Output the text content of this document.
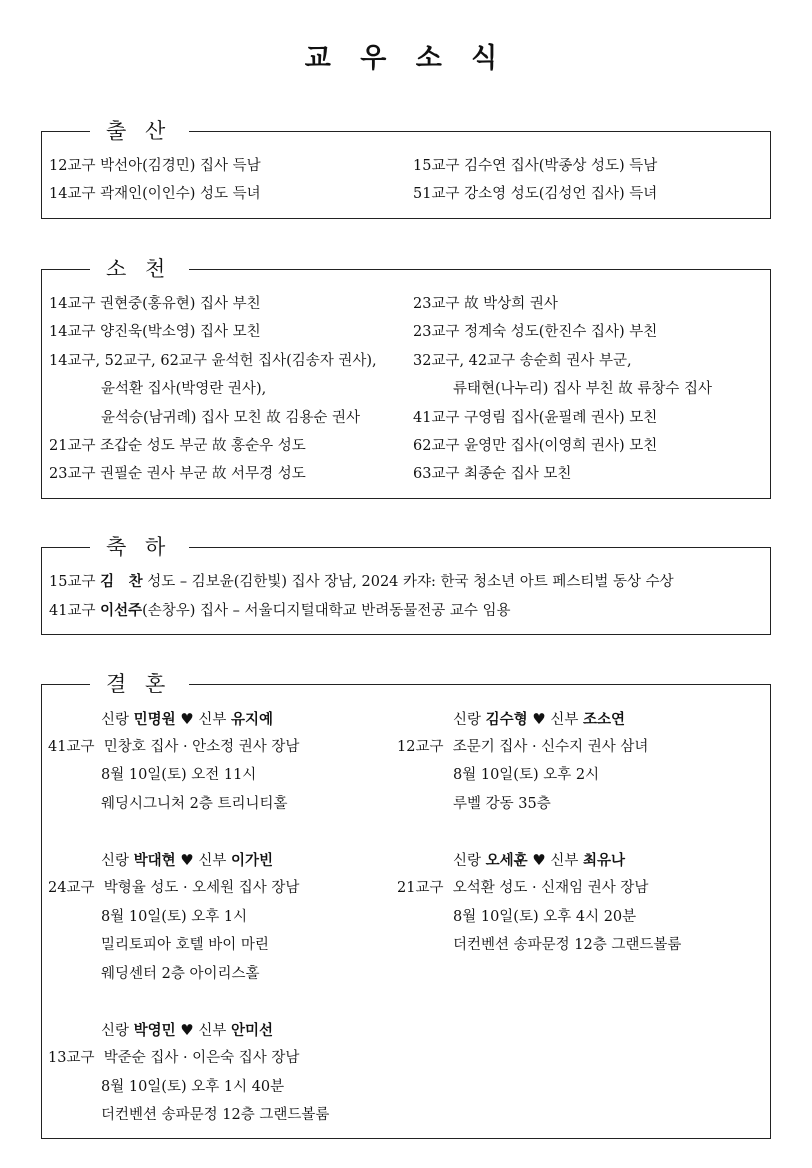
교 우 소 식
출 산
12교구 박선아(김경민) 집사 득남	15교구 김수연 집사(박종상 성도) 득남
14교구 곽재인(이인수) 성도 득녀	51교구 강소영 성도(김성언 집사) 득녀
소 천
14교구 권현중(홍유현) 집사 부친
14교구 양진욱(박소영) 집사 모친
14교구, 52교구, 62교구 윤석헌 집사(김송자 권사),
윤석환 집사(박영란 권사),
윤석승(남귀례) 집사 모친 故 김용순 권사
21교구 조갑순 성도 부군 故 홍순우 성도
23교구 권필순 권사 부군 故 서무경 성도
23교구 故 박상희 권사
23교구 정계숙 성도(한진수 집사) 부친
32교구, 42교구 송순희 권사 부군,
류태현(나누리) 집사 부친 故 류창수 집사
41교구 구영림 집사(윤필례 권사) 모친
62교구 윤영만 집사(이영희 권사) 모친
63교구 최종순 집사 모친
축 하
15교구 김　찬 성도 – 김보윤(김한빛) 집사 장남, 2024 카쟈: 한국 청소년 아트 페스티벌 동상 수상
41교구 이선주(손창우) 집사 – 서울디지털대학교 반려동물전공 교수 임용
결 혼
신랑 민명원 ♥ 신부 유지예
41교구 민창호 집사 · 안소정 권사 장남
8월 10일(토) 오전 11시
웨딩시그니처 2층 트리니티홀
신랑 김수형 ♥ 신부 조소연
12교구 조문기 집사 · 신수지 권사 삼녀
8월 10일(토) 오후 2시
루벨 강동 35층
신랑 박대현 ♥ 신부 이가빈
24교구 박형율 성도 · 오세원 집사 장남
8월 10일(토) 오후 1시
밀리토피아 호텔 바이 마린
웨딩센터 2층 아이리스홀
신랑 오세훈 ♥ 신부 최유나
21교구 오석환 성도 · 신재임 권사 장남
8월 10일(토) 오후 4시 20분
더컨벤션 송파문정 12층 그랜드볼룸
신랑 박영민 ♥ 신부 안미선
13교구 박준순 집사 · 이은숙 집사 장남
8월 10일(토) 오후 1시 40분
더컨벤션 송파문정 12층 그랜드볼룸
